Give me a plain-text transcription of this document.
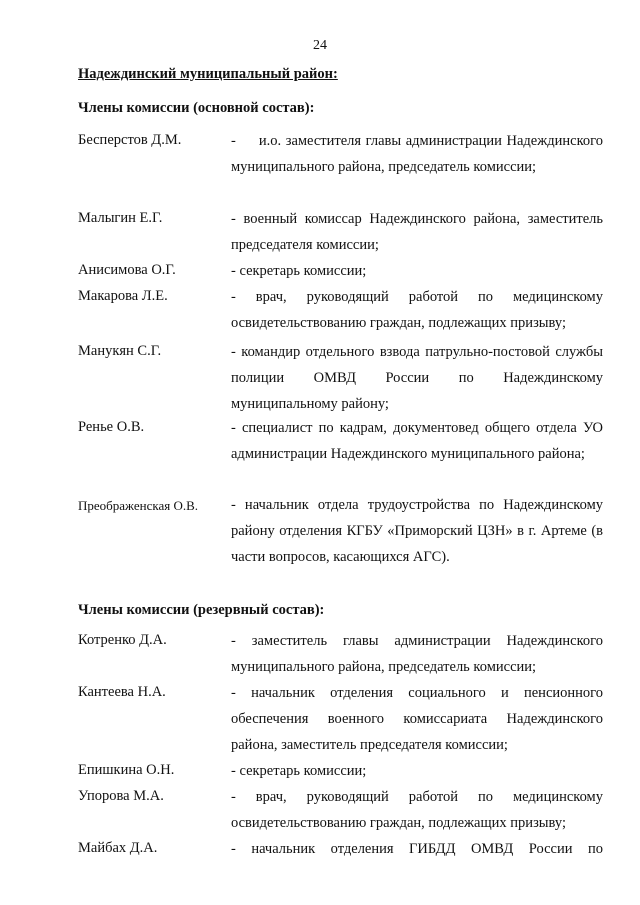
24
Надеждинский муниципальный район:
Члены комиссии (основной состав):
Бесперстов Д.М.	-     и.о. заместителя главы администрации Надеждинского муниципального района, председатель комиссии;
Малыгин Е.Г.	- военный комиссар Надеждинского района, заместитель председателя комиссии;
Анисимова О.Г.	- секретарь комиссии;
Макарова Л.Е.	- врач, руководящий работой по медицинскому освидетельствованию граждан, подлежащих призыву;
Манукян С.Г.	- командир отдельного взвода патрульно-постовой службы полиции ОМВД России по Надеждинскому муниципальному району;
Ренье О.В.	- специалист по кадрам, документовед общего отдела УО администрации Надеждинского муниципального района;
Преображенская О.В. - начальник отдела трудоустройства по Надеждинскому району отделения КГБУ «Приморский ЦЗН» в г. Артеме (в части вопросов, касающихся АГС).
Члены комиссии (резервный состав):
Котренко Д.А.	- заместитель главы администрации Надеждинского муниципального района, председатель комиссии;
Кантеева Н.А.	- начальник отделения социального и пенсионного обеспечения военного комиссариата Надеждинского района, заместитель председателя комиссии;
Епишкина О.Н.	- секретарь комиссии;
Упорова М.А.	- врач, руководящий работой по медицинскому освидетельствованию граждан, подлежащих призыву;
Майбах Д.А.	- начальник отделения ГИБДД ОМВД России по
